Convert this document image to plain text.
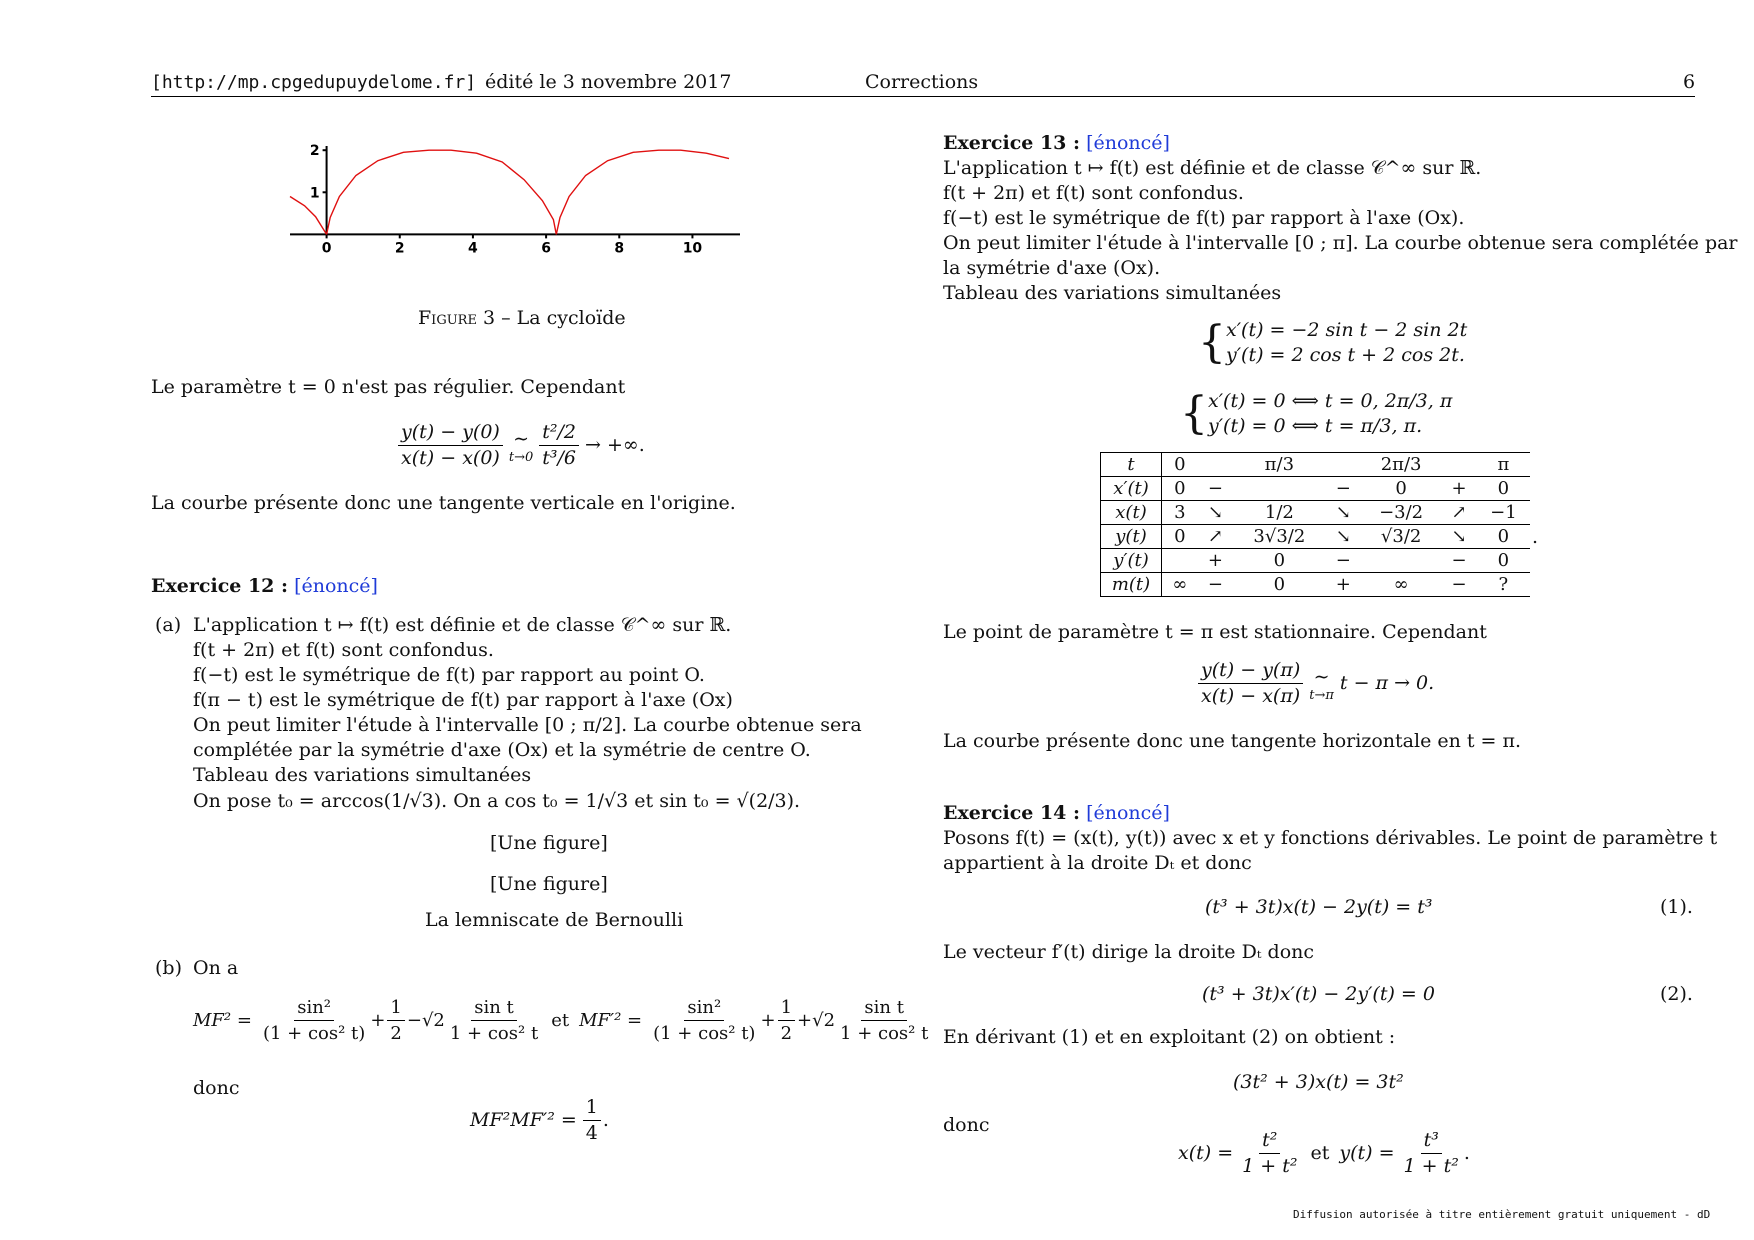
[http://mp.cpgedupuydelome.fr] édité le 3 novembre 2017	Corrections	6
0	2	4	6	8	10
1
2
Figure 3 – La cycloïde
Le paramètre t = 0 n'est pas régulier. Cependant
$\frac{y(t) - y(0)}{x(t) - x(0)}$ ∼
$t\to 0 \frac{\text{t²/2}}{\text{t³/6}}$ → +∞.
La courbe présente donc une tangente verticale en l'origine.
Exercice 12 : [énoncé]
(a) L'application t ↦ f(t) est définie et de classe 𝒞^∞ sur ℝ.
f(t + 2π) et f(t) sont confondus.
f(−t) est le symétrique de f(t) par rapport au point O.
f(π − t) est le symétrique de f(t) par rapport à l'axe (Ox)
On peut limiter l'étude à l'intervalle [0 ; π/2]. La courbe obtenue sera
complétée par la symétrie d'axe (Ox) et la symétrie de centre O.
Tableau des variations simultanées
On pose t₀ = arccos(1/√3). On a cos t₀ = 1/√3 et sin t₀ = √(2/3).
[Une figure]
[Une figure]
La lemniscate de Bernoulli
(b) On a
$MF^2 = \frac{\text{sin²}}{\text{(1 + cos² t)}} + \frac{1}{2} -√2 \frac{\text{sin t}}{\text{1 + cos² t}}$ et $MF'^2 = \frac{\text{sin²}}{\text{(1 + cos² t)}} + \frac{1}{2} +√2 \frac{\text{sin t}}{\text{1 + cos² t}}$
donc
$MF^2MF'^2 = \frac{1}{4}$ .
Exercice 13 : [énoncé]
L'application t ↦ f(t) est définie et de classe 𝒞^∞ sur ℝ.
f(t + 2π) et f(t) sont confondus.
f(−t) est le symétrique de f(t) par rapport à l'axe (Ox).
On peut limiter l'étude à l'intervalle [0 ; π]. La courbe obtenue sera complétée par
la symétrie d'axe (Ox).
Tableau des variations simultanées
{ x′(t) = −2 sin t − 2 sin 2t
y′(t) = 2 cos t + 2 cos 2t.
{ x′(t) = 0 ⟺ t = 0, 2π/3, π
y′(t) = 0 ⟺ t = π/3, π.
t	0		π/3		2π/3		π
x′(t)	0	−		−	0	+	0
x(t)	3	↘	1/2	↘	−3/2	↗	−1
y(t)	0	↗	3√3/2	↘	√3/2	↘	0
y′(t)		+	0	−		−	0
m(t)	∞	−	0	+	∞	−	?
.
Le point de paramètre t = π est stationnaire. Cependant
$\frac{y(t) - y(\pi)}{x(t) - x(\pi)}$ ∼
t→π
t − π → 0.
La courbe présente donc une tangente horizontale en t = π.
Exercice 14 : [énoncé]
Posons f(t) = (x(t), y(t)) avec x et y fonctions dérivables. Le point de paramètre t
appartient à la droite Dₜ et donc
(t³ + 3t)x(t) − 2y(t) = t³	(1).
Le vecteur f′(t) dirige la droite Dₜ donc
(t³ + 3t)x′(t) − 2y′(t) = 0	(2).
En dérivant (1) et en exploitant (2) on obtient :
(3t² + 3)x(t) = 3t²
donc
$x(t) = \frac{\text{t²}}{\text{1 + t²}}$ et $y(t) = \frac{\text{t³}}{\text{1 + t²}}$ .
Diffusion autorisée à titre entièrement gratuit uniquement - dD
